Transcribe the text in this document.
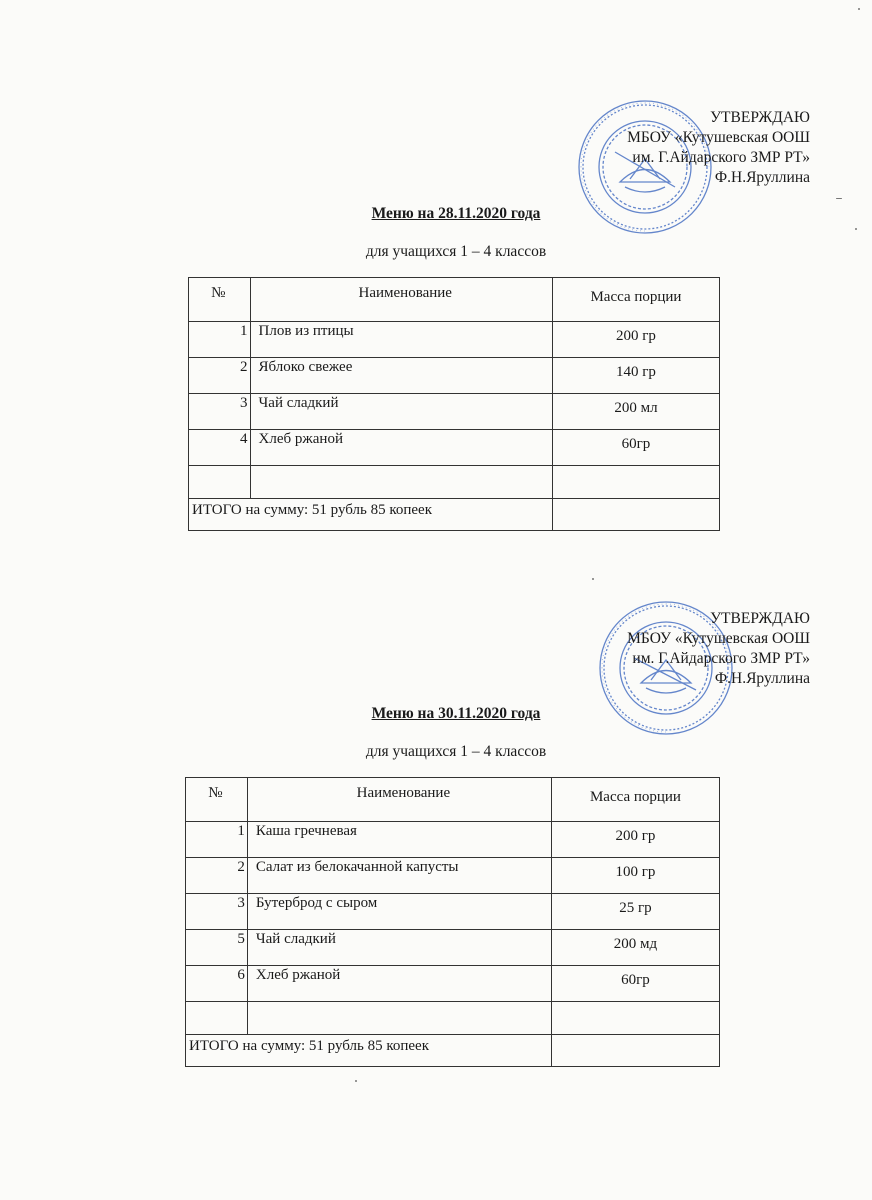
УТВЕРЖДАЮ
МБОУ «Кутушевская ООШ
им. Г.Айдарского ЗМР РТ»
Ф.Н.Яруллина
Меню на 28.11.2020 года
для учащихся 1 – 4 классов
№	Наименование	Масса порции
1	Плов из птицы	200 гр
2	Яблоко свежее	140 гр
3	Чай сладкий	200 мл
4	Хлеб ржаной	60гр

ИТОГО на сумму: 51 рубль 85 копеек		
УТВЕРЖДАЮ
МБОУ «Кутушевская ООШ
им. Г.Айдарского ЗМР РТ»
Ф.Н.Яруллина
Меню на 30.11.2020 года
для учащихся 1 – 4 классов
№	Наименование	Масса порции
1	Каша гречневая	200 гр
2	Салат из белокачанной капусты	100 гр
3	Бутерброд с сыром	25 гр
5	Чай сладкий	200 мд
6	Хлеб ржаной	60гр

ИТОГО на сумму: 51 рубль 85 копеек		
